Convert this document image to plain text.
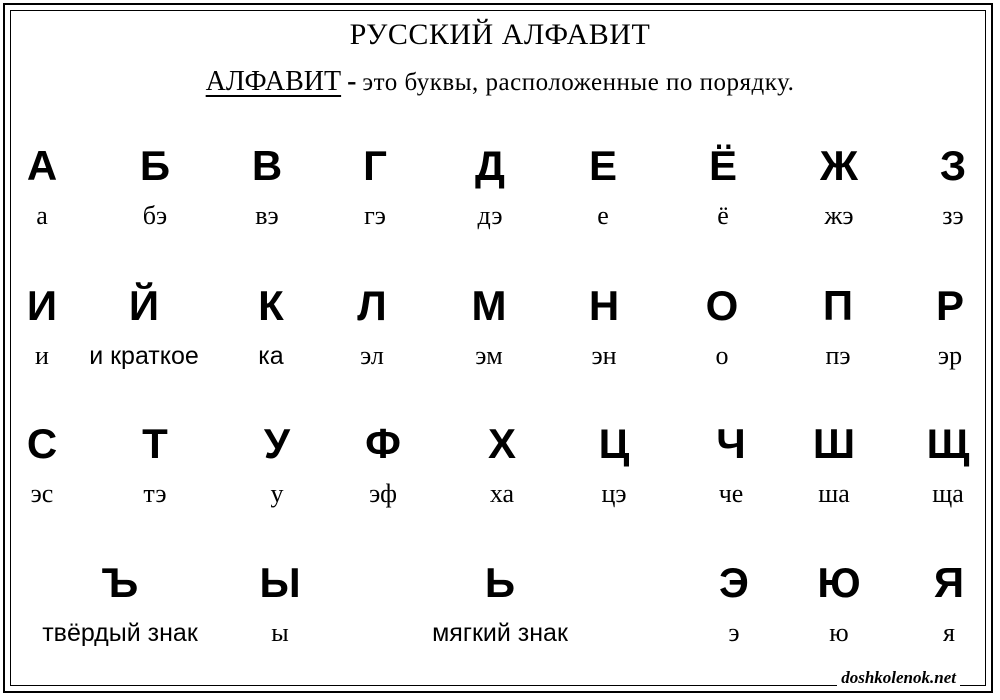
РУССКИЙ АЛФАВИТ
АЛФАВИТ - это буквы, расположенные по порядку.
А
а
Б
бэ
В
вэ
Г
гэ
Д
дэ
Е
е
Ё
ё
Ж
жэ
З
зэ
И
и
Й
и краткое
К
ка
Л
эл
М
эм
Н
эн
О
о
П
пэ
Р
эр
С
эс
Т
тэ
У
у
Ф
эф
Х
ха
Ц
цэ
Ч
че
Ш
ша
Щ
ща
Ъ
твёрдый знак
Ы
ы
Ь
мягкий знак
Э
э
Ю
ю
Я
я
doshkolenok.net
